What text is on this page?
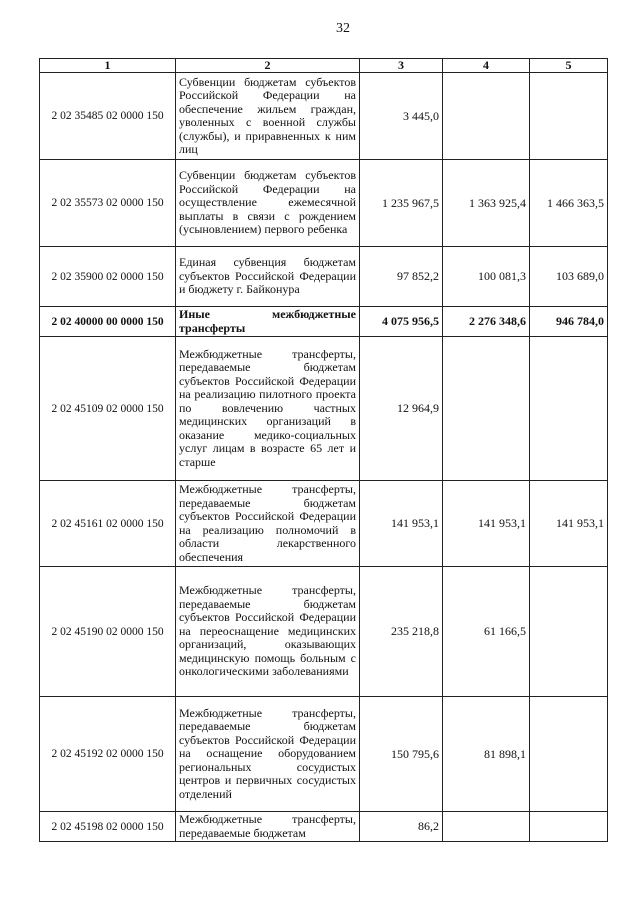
32
1	2	3	4	5
2 02 35485 02 0000 150	Субвенции бюджетам субъектов Российской Федерации на обеспечение жильем граждан, уволенных с военной службы (службы), и приравненных к ним лиц	3 445,0		
2 02 35573 02 0000 150	Субвенции бюджетам субъектов Российской Федерации на осуществление ежемесячной выплаты в связи с рождением (усыновлением) первого ребенка	1 235 967,5	1 363 925,4	1 466 363,5
2 02 35900 02 0000 150	Единая субвенция бюджетам субъектов Российской Федерации и бюджету г. Байконура	97 852,2	100 081,3	103 689,0
2 02 40000 00 0000 150	Иные межбюджетные трансферты	4 075 956,5	2 276 348,6	946 784,0
2 02 45109 02 0000 150	Межбюджетные трансферты, передаваемые бюджетам субъектов Российской Федерации на реализацию пилотного проекта по вовлечению частных медицинских организаций в оказание медико-социальных услуг лицам в возрасте 65 лет и старше	12 964,9		
2 02 45161 02 0000 150	Межбюджетные трансферты, передаваемые бюджетам субъектов Российской Федерации на реализацию полномочий в области лекарственного обеспечения	141 953,1	141 953,1	141 953,1
2 02 45190 02 0000 150	Межбюджетные трансферты, передаваемые бюджетам субъектов Российской Федерации на переоснащение медицинских организаций, оказывающих медицинскую помощь больным с онкологическими заболеваниями	235 218,8	61 166,5	
2 02 45192 02 0000 150	Межбюджетные трансферты, передаваемые бюджетам субъектов Российской Федерации на оснащение оборудованием региональных сосудистых центров и первичных сосудистых отделений	150 795,6	81 898,1	
2 02 45198 02 0000 150	Межбюджетные трансферты, передаваемые бюджетам	86,2		
